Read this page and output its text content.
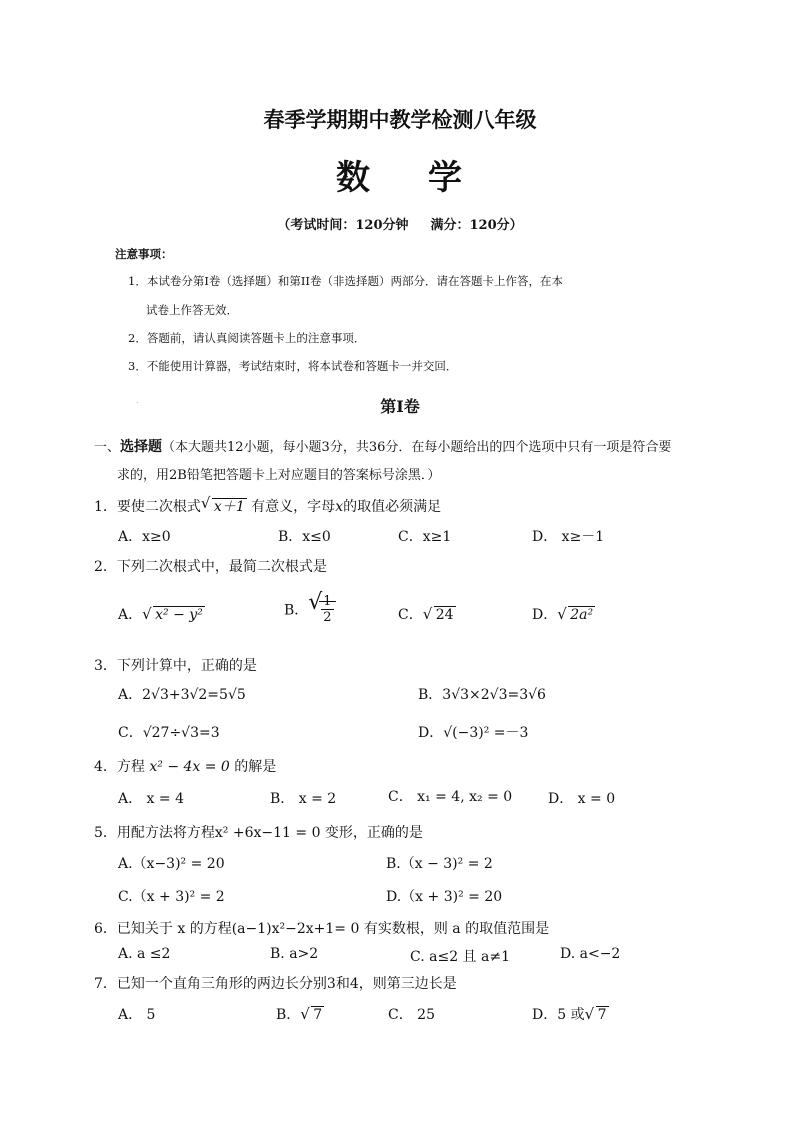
春季学期期中教学检测八年级
数 学
（考试时间：120分钟 满分：120分）
注意事项：
1．本试卷分第Ⅰ卷（选择题）和第II卷（非选择题）两部分．请在答题卡上作答，在本
试卷上作答无效．
2．答题前，请认真阅读答题卡上的注意事项．
3．不能使用计算器，考试结束时，将本试卷和答题卡一并交回．
.	第Ⅰ卷
一、选择题（本大题共12小题，每小题3分，共36分．在每小题给出的四个选项中只有一项是符合要
求的，用2B铅笔把答题卡上对应题目的答案标号涂黑．）
1．要使二次根式 √ x＋1 有意义，字母x的取值必须满足
A．x≥0	B．x≤0	C．x≥1	D． x≥－1
2．下列二次根式中，最简二次根式是
A． √ x² − y²	B． √
$\frac{1}{2}$	C． √ 24	D． √ 2a²
3．下列计算中，正确的是
A．2√3+3√2=5√5	B．3√3×2√3=3√6
C．√27÷√3=3	D．√(−3)² =－3
4．方程 x² − 4x = 0 的解是
A． x = 4	B． x = 2	C． x₁ = 4, x₂ = 0	D． x = 0
5．用配方法将方程x² +6x−11 = 0 变形，正确的是
A.（x−3)² = 20	B.（x − 3)² = 2
C.（x + 3)² = 2	D.（x + 3)² = 20
6．已知关于 x 的方程(a−1)x²−2x+1= 0 有实数根，则 a 的取值范围是
A. a ≤2	B. a>2	C. a≤2 且 a≠1	D. a<−2
7．已知一个直角三角形的两边长分别3和4，则第三边长是
A． 5	B． √ 7	C． 25	D．5 或 √ 7
